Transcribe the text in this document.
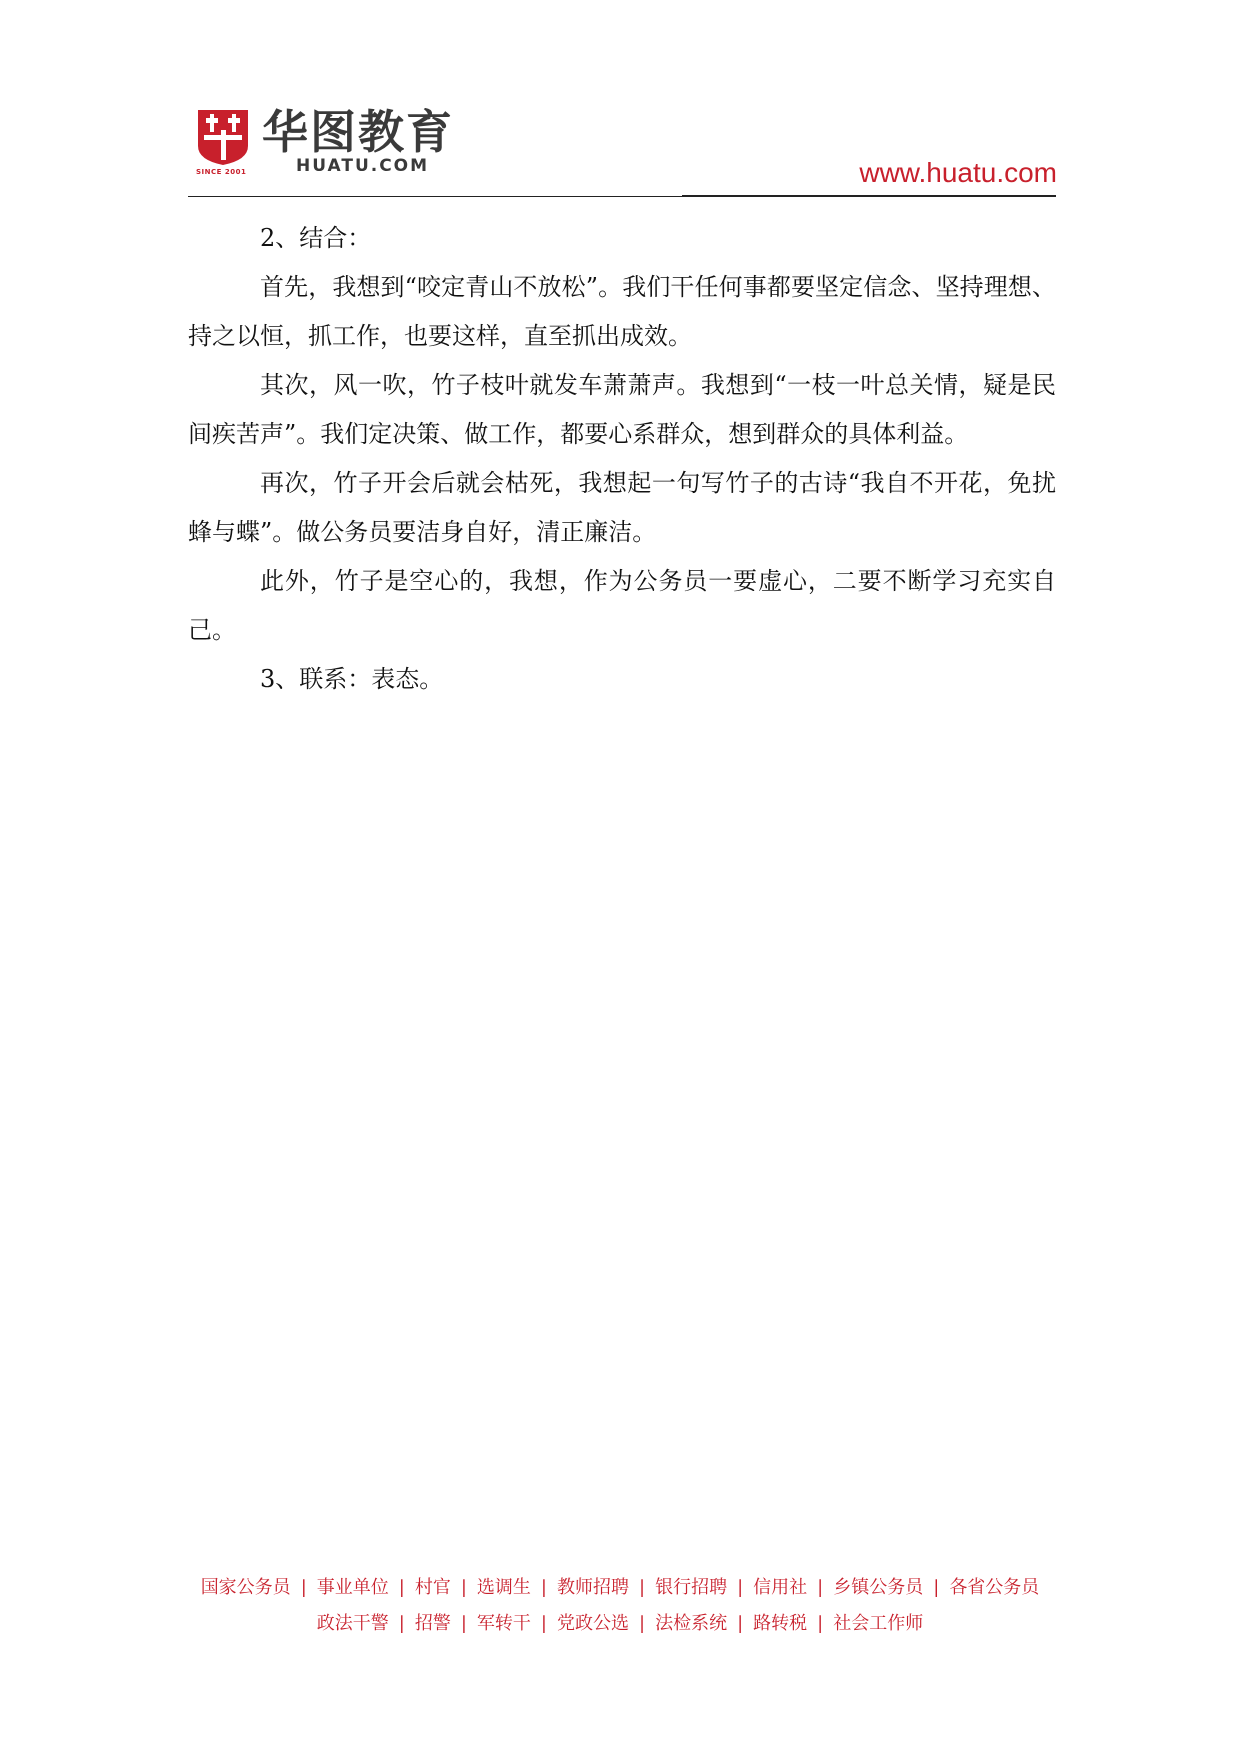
SINCE 2001
华图教育
HUATU.COM	www.huatu.com

2、结合：

首先，我想到“咬定青山不放松”。我们干任何事都要坚定信念、坚持理想、持之以恒，抓工作，也要这样，直至抓出成效。

其次，风一吹，竹子枝叶就发车萧萧声。我想到“一枝一叶总关情，疑是民间疾苦声”。我们定决策、做工作，都要心系群众，想到群众的具体利益。

再次，竹子开会后就会枯死，我想起一句写竹子的古诗“我自不开花，免扰蜂与蝶”。做公务员要洁身自好，清正廉洁。

此外，竹子是空心的，我想，作为公务员一要虚心，二要不断学习充实自己。

3、联系：表态。

国家公务员 | 事业单位 | 村官 | 选调生 | 教师招聘 | 银行招聘 | 信用社 | 乡镇公务员 | 各省公务员
政法干警 | 招警 | 军转干 | 党政公选 | 法检系统 | 路转税 | 社会工作师
